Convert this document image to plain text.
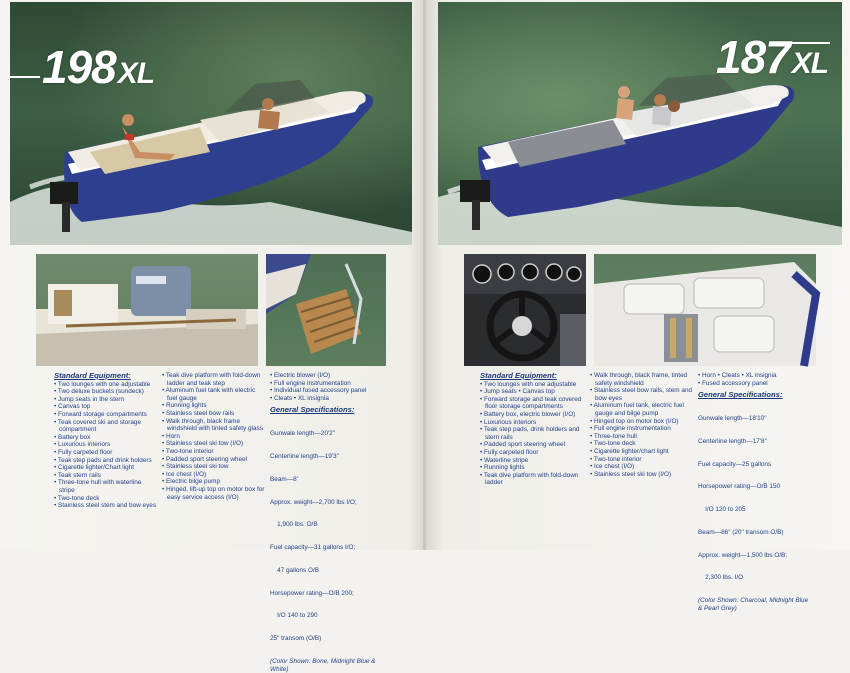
198XL
Standard Equipment:
• Two lounges with one adjustable
• Two deluxe buckets (sundeck)
• Jump seats in the stern
• Canvas top
• Forward storage compartments
• Teak covered ski and storage compartment
• Battery box
• Luxurious interiors
• Fully carpeted floor
• Teak step pads and drink holders
• Cigarette lighter/Chart light
• Teak stern rails
• Three-tone hull with waterline stripe
• Two-tone deck
• Stainless steel stem and bow eyes
• Teak dive platform with fold-down ladder and teak step
• Aluminum fuel tank with electric fuel gauge
• Running lights
• Stainless steel bow rails
• Walk through, black frame windshield with tinted safety glass
• Horn
• Stainless steel ski tow (I/O)
• Two-tone interior
• Padded sport steering wheel
• Stainless steel ski tow
• Ice chest (I/O)
• Electric bilge pump
• Hinged, lift-up top on motor box for easy service access (I/O)
• Electric blower (I/O)
• Full engine instrumentation
• Individual fused accessory panel
• Cleats • XL insignia
General Specifications:

Gunwale length—20'2"

Centerline length—19'3"

Beam—8'

Approx. weight—2,700 lbs I/O;

1,900 lbs. O/B

Fuel capacity—31 gallons I/O;

47 gallons O/B

Horsepower rating—O/B 200;

I/O 140 to 290

25" transom (O/B)

(Color Shown: Bone, Midnight Blue & White)
187XL
Standard Equipment:
• Two lounges with one adjustable
• Jump seats • Canvas top
• Forward storage and teak covered floor storage compartments
• Battery box, electric blower (I/O)
• Luxurious interiors
• Teak step pads, drink holders and stern rails
• Padded sport steering wheel
• Fully carpeted floor
• Waterline stripe
• Running lights
• Teak dive platform with fold-down ladder
• Walk through, black frame, tinted safety windshield
• Stainless steel bow rails, stem and bow eyes
• Aluminum fuel tank, electric fuel gauge and bilge pump
• Hinged top on motor box (I/O)
• Full engine instrumentation
• Three-tone hull
• Two-tone deck
• Cigarette lighter/chart light
• Two-tone interior
• Ice chest (I/O)
• Stainless steel ski tow (I/O)
• Horn • Cleats • XL insignia
• Fused accessory panel
General Specifications:

Gunwale length—18'10"

Centerline length—17'8"

Fuel capacity—25 gallons

Horsepower rating—O/B 150

I/O 120 to 205

Beam—86" (20" transom O/B)

Approx. weight—1,500 lbs O/B;

2,300 lbs. I/O

(Color Shown: Charcoal, Midnight Blue & Pearl Grey)
